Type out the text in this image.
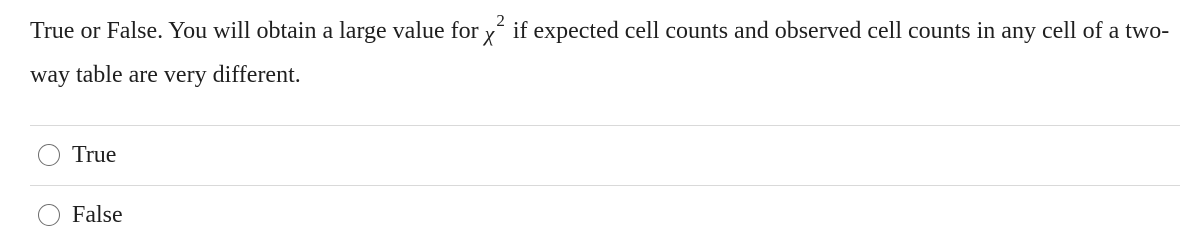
True or False. You will obtain a large value for $\chi^2$ if expected cell counts and observed cell counts in any cell of a two-way table are very different.
True
False
